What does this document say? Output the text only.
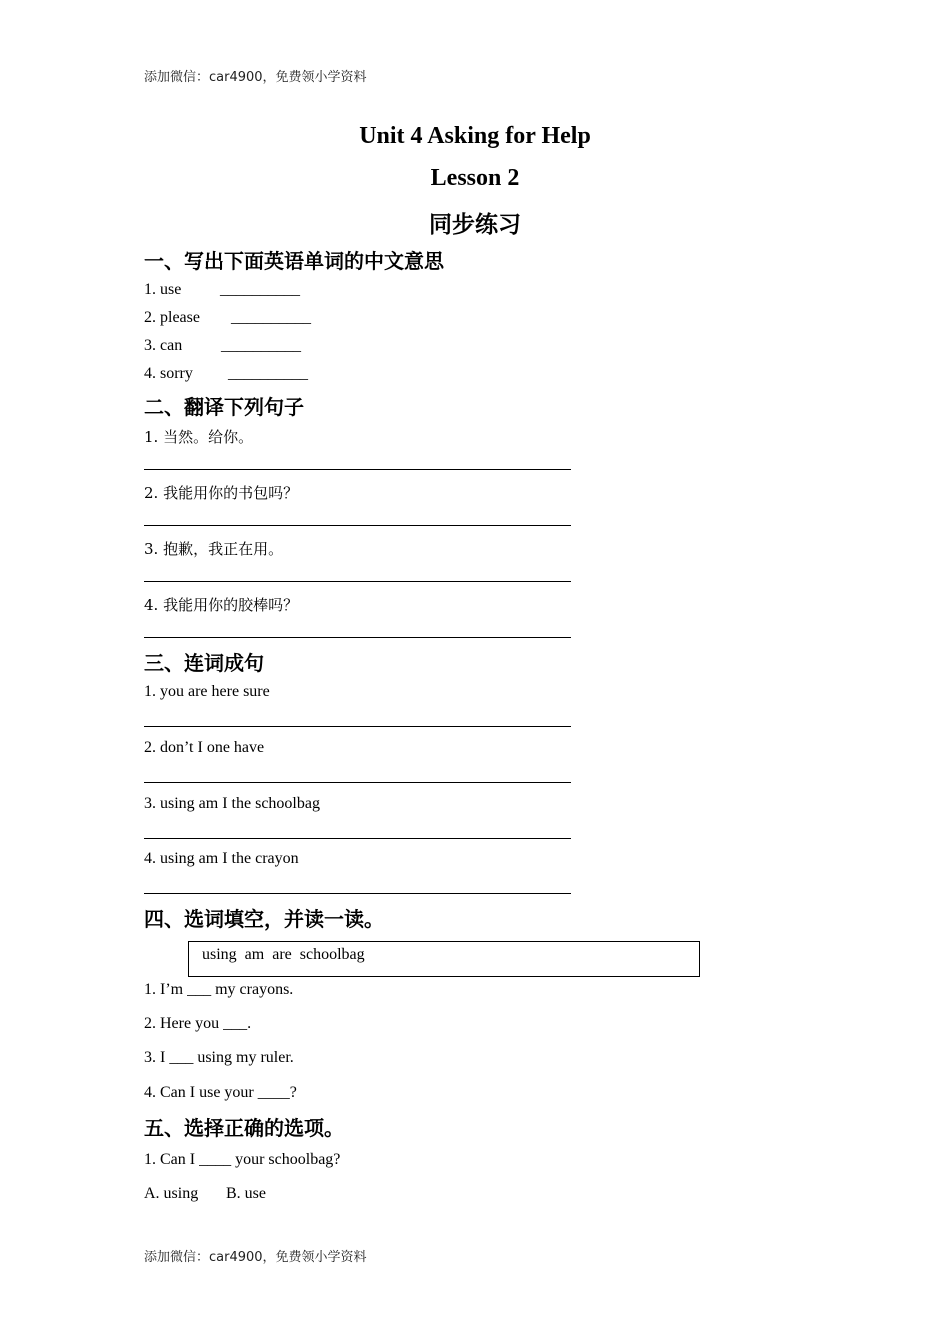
添加微信：car4900，免费领小学资料
Unit 4 Asking for Help
Lesson 2
同步练习
一、写出下面英语单词的中文意思
1. use __________
2. please __________
3. can __________
4. sorry __________
二、翻译下列句子
1. 当然。给你。
2. 我能用你的书包吗？
3. 抱歉，我正在用。
4. 我能用你的胶棒吗？
三、连词成句
1. you are here sure
2. don’t I one have
3. using am I the schoolbag
4. using am I the crayon
四、选词填空，并读一读。
using  am  are  schoolbag
1. I’m ___ my crayons.
2. Here you ___.
3. I ___ using my ruler.
4. Can I use your ____?
五、选择正确的选项。
1. Can I ____ your schoolbag?
A. using B. use
添加微信：car4900，免费领小学资料
